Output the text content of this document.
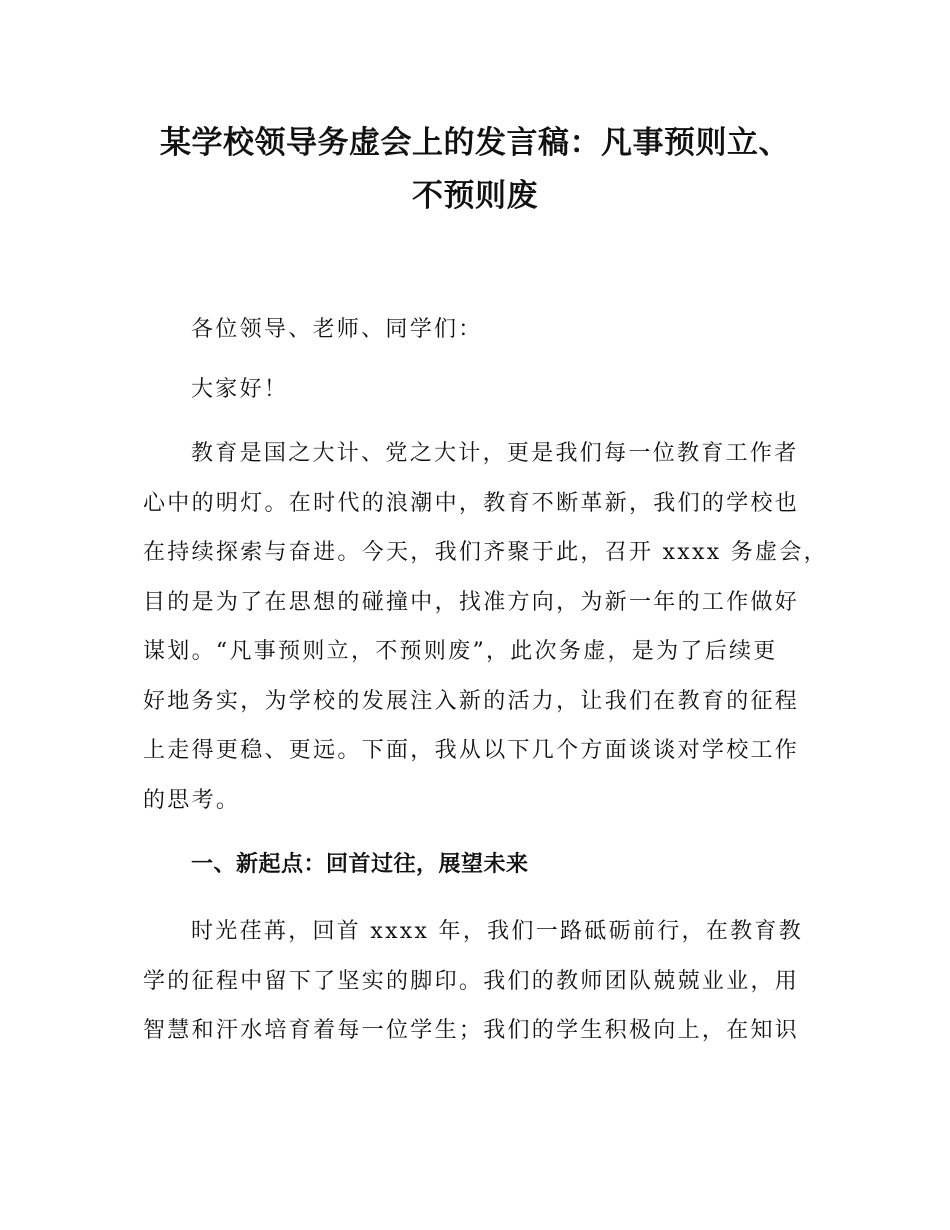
某学校领导务虚会上的发言稿：凡事预则立、
不预则废
各位领导、老师、同学们：
大家好！
教育是国之大计、党之大计，更是我们每一位教育工作者
心中的明灯。在时代的浪潮中，教育不断革新，我们的学校也
在持续探索与奋进。今天，我们齐聚于此，召开 xxxx 务虚会，
目的是为了在思想的碰撞中，找准方向，为新一年的工作做好
谋划。“凡事预则立，不预则废”，此次务虚，是为了后续更
好地务实，为学校的发展注入新的活力，让我们在教育的征程
上走得更稳、更远。下面，我从以下几个方面谈谈对学校工作
的思考。
一、新起点：回首过往，展望未来
时光荏苒，回首 xxxx 年，我们一路砥砺前行，在教育教
学的征程中留下了坚实的脚印。我们的教师团队兢兢业业，用
智慧和汗水培育着每一位学生；我们的学生积极向上，在知识
